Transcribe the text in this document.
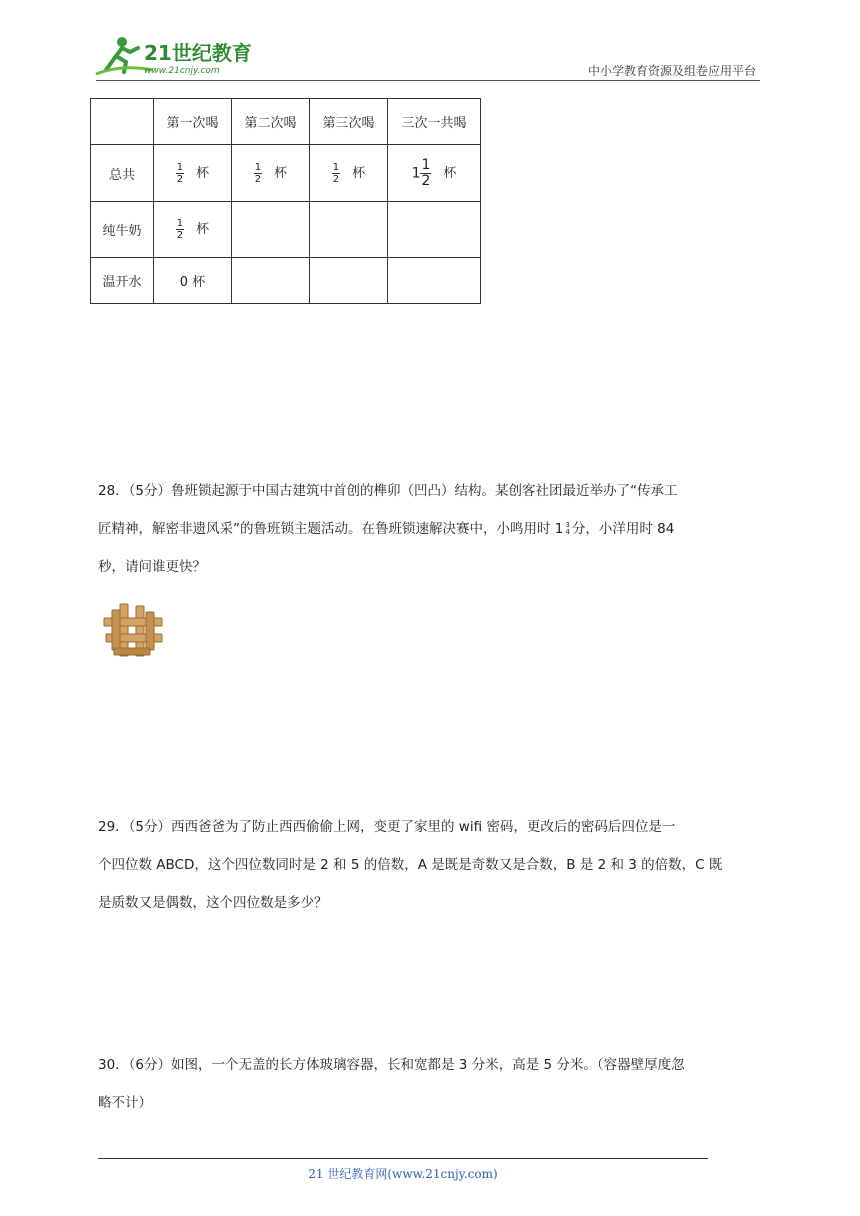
21世纪教育
www.21cnjy.com	中小学教育资源及组卷应用平台
	第一次喝	第二次喝	第三次喝	三次一共喝
总共	$\frac{1}{2}$ 杯	$\frac{1}{2}$ 杯	$\frac{1}{2}$ 杯	$1 \frac{1}{2}$ 杯
纯牛奶	$\frac{1}{2}$ 杯			
温开水	0 杯			

28．（5分）鲁班锁起源于中国古建筑中首创的榫卯（凹凸）结构。某创客社团最近举办了“传承工

匠精神，解密非遗风采”的鲁班锁主题活动。在鲁班锁速解决赛中，小鸣用时 1 3
4 分，小洋用时 84

秒，请问谁更快？

29．（5分）西西爸爸为了防止西西偷偷上网，变更了家里的 wifi 密码，更改后的密码后四位是一

个四位数 ABCD，这个四位数同时是 2 和 5 的倍数，A 是既是奇数又是合数，B 是 2 和 3 的倍数，C 既

是质数又是偶数，这个四位数是多少？

30．（6分）如图，一个无盖的长方体玻璃容器，长和宽都是 3 分米，高是 5 分米。（容器壁厚度忽

略不计）

21 世纪教育网(www.21cnjy.com)
